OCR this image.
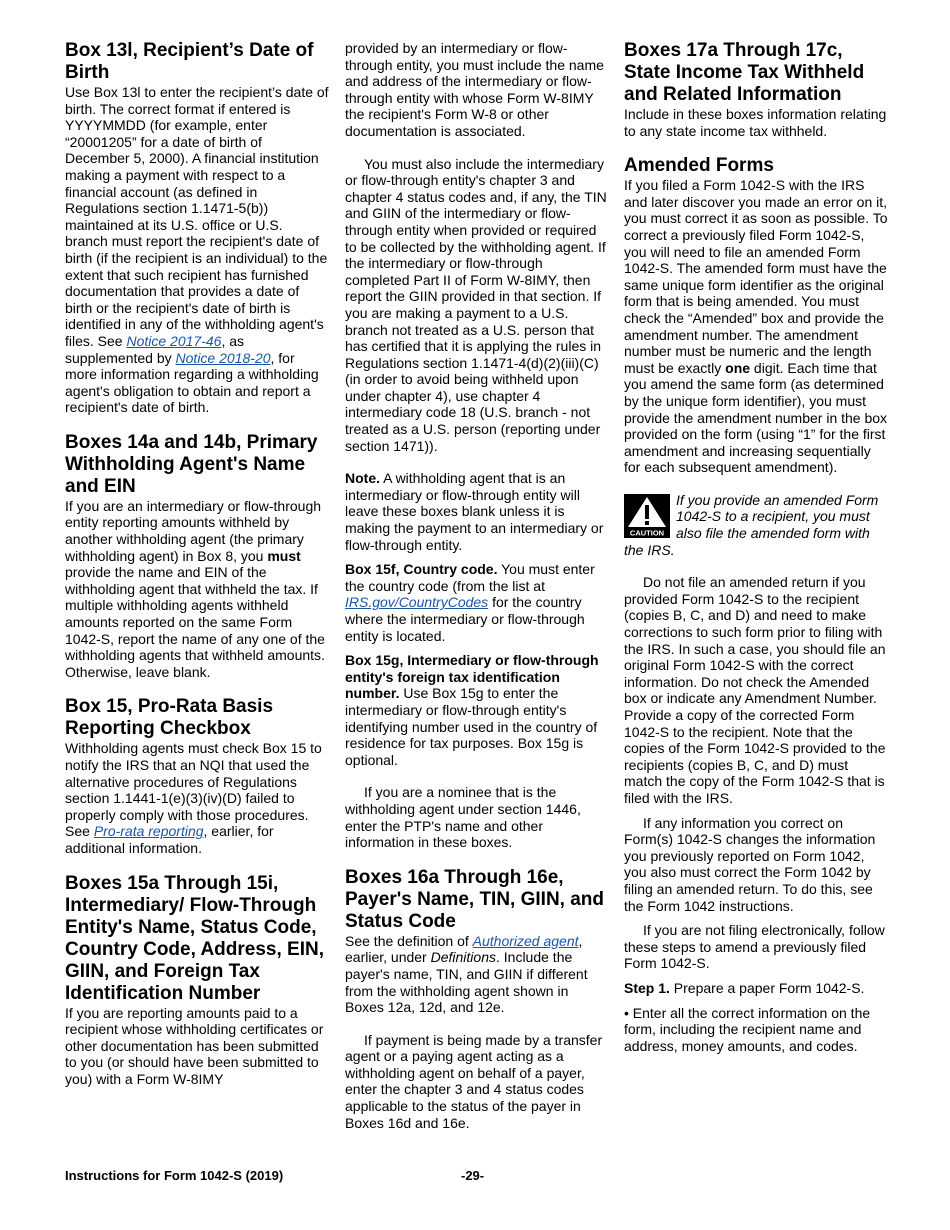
Box 13l, Recipient’s Date of Birth

Use Box 13l to enter the recipient’s date of birth. The correct format if entered is YYYYMMDD (for example, enter “20001205” for a date of birth of December 5, 2000). A financial institution making a payment with respect to a financial account (as defined in Regulations section 1.1471-5(b)) maintained at its U.S. office or U.S. branch must report the recipient's date of birth (if the recipient is an individual) to the extent that such recipient has furnished documentation that provides a date of birth or the recipient's date of birth is identified in any of the withholding agent's files. See Notice 2017-46, as supplemented by Notice 2018-20, for more information regarding a withholding agent's obligation to obtain and report a recipient's date of birth.

Boxes 14a and 14b, Primary Withholding Agent's Name and EIN

If you are an intermediary or flow-through entity reporting amounts withheld by another withholding agent (the primary withholding agent) in Box 8, you must provide the name and EIN of the withholding agent that withheld the tax. If multiple withholding agents withheld amounts reported on the same Form 1042-S, report the name of any one of the withholding agents that withheld amounts. Otherwise, leave blank.

Box 15, Pro-Rata Basis Reporting Checkbox

Withholding agents must check Box 15 to notify the IRS that an NQI that used the alternative procedures of Regulations section 1.1441-1(e)(3)(iv)(D) failed to properly comply with those procedures. See Pro-rata reporting, earlier, for additional information.

Boxes 15a Through 15i, Intermediary/ Flow-Through Entity's Name, Status Code, Country Code, Address, EIN, GIIN, and Foreign Tax Identification Number

If you are reporting amounts paid to a recipient whose withholding certificates or other documentation has been submitted to you (or should have been submitted to you) with a Form W-8IMY

provided by an intermediary or flow-through entity, you must include the name and address of the intermediary or flow-through entity with whose Form W-8IMY the recipient's Form W-8 or other documentation is associated.

You must also include the intermediary or flow-through entity's chapter 3 and chapter 4 status codes and, if any, the TIN and GIIN of the intermediary or flow-through entity when provided or required to be collected by the withholding agent. If the intermediary or flow-through completed Part II of Form W-8IMY, then report the GIIN provided in that section. If you are making a payment to a U.S. branch not treated as a U.S. person that has certified that it is applying the rules in Regulations section 1.1471-4(d)(2)(iii)(C) (in order to avoid being withheld upon under chapter 4), use chapter 4 intermediary code 18 (U.S. branch - not treated as a U.S. person (reporting under section 1471)).

Note. A withholding agent that is an intermediary or flow-through entity will leave these boxes blank unless it is making the payment to an intermediary or flow-through entity.

Box 15f, Country code. You must enter the country code (from the list at IRS.gov/CountryCodes for the country where the intermediary or flow-through entity is located.

Box 15g, Intermediary or flow-through entity's foreign tax identification number. Use Box 15g to enter the intermediary or flow-through entity's identifying number used in the country of residence for tax purposes. Box 15g is optional.

If you are a nominee that is the withholding agent under section 1446, enter the PTP's name and other information in these boxes.

Boxes 16a Through 16e, Payer's Name, TIN, GIIN, and Status Code

See the definition of Authorized agent, earlier, under Definitions. Include the payer's name, TIN, and GIIN if different from the withholding agent shown in Boxes 12a, 12d, and 12e.

If payment is being made by a transfer agent or a paying agent acting as a withholding agent on behalf of a payer, enter the chapter 3 and 4 status codes applicable to the status of the payer in Boxes 16d and 16e.

Boxes 17a Through 17c, State Income Tax Withheld and Related Information

Include in these boxes information relating to any state income tax withheld.

Amended Forms

If you filed a Form 1042-S with the IRS and later discover you made an error on it, you must correct it as soon as possible. To correct a previously filed Form 1042-S, you will need to file an amended Form 1042-S. The amended form must have the same unique form identifier as the original form that is being amended. You must check the “Amended” box and provide the amendment number. The amendment number must be numeric and the length must be exactly one digit. Each time that you amend the same form (as determined by the unique form identifier), you must provide the amendment number in the box provided on the form (using “1” for the first amendment and increasing sequentially for each subsequent amendment).

CAUTION

If you provide an amended Form 1042-S to a recipient, you must also file the amended form with the IRS.

Do not file an amended return if you provided Form 1042-S to the recipient (copies B, C, and D) and need to make corrections to such form prior to filing with the IRS. In such a case, you should file an original Form 1042-S with the correct information. Do not check the Amended box or indicate any Amendment Number. Provide a copy of the corrected Form 1042-S to the recipient. Note that the copies of the Form 1042-S provided to the recipients (copies B, C, and D) must match the copy of the Form 1042-S that is filed with the IRS.

If any information you correct on Form(s) 1042-S changes the information you previously reported on Form 1042, you also must correct the Form 1042 by filing an amended return. To do this, see the Form 1042 instructions.

If you are not filing electronically, follow these steps to amend a previously filed Form 1042-S.

Step 1. Prepare a paper Form 1042-S.

• Enter all the correct information on the form, including the recipient name and address, money amounts, and codes.

Instructions for Form 1042-S (2019)	-29-
